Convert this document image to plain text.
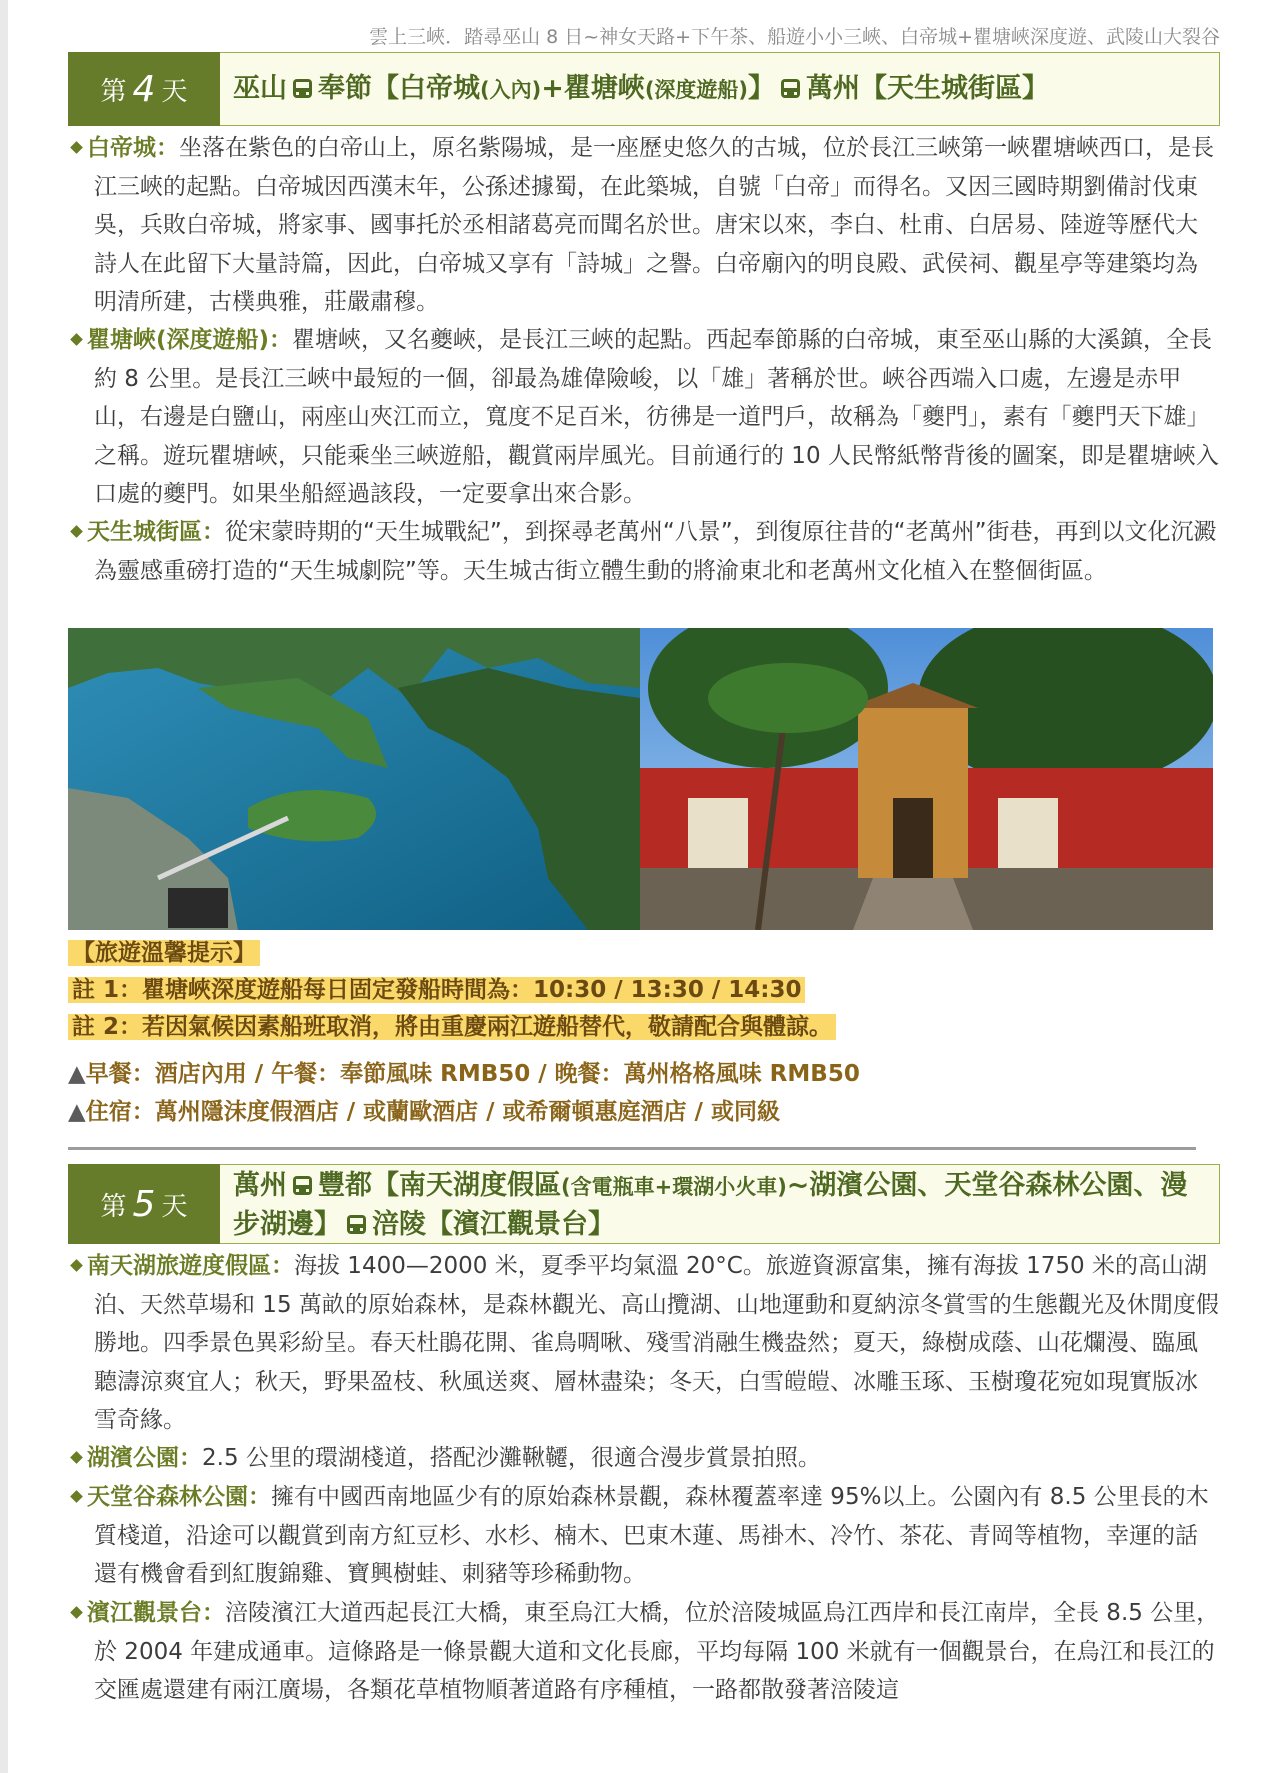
雲上三峽．踏尋巫山 8 日~神女天路+下午茶、船遊小小三峽、白帝城+瞿塘峽深度遊、武陵山大裂谷
第 4 天 巫山 奉節【白帝城(入內)+瞿塘峽(深度遊船)】 萬州【天生城街區】
白帝城：坐落在紫色的白帝山上，原名紫陽城，是一座歷史悠久的古城，位於長江三峽第一峽瞿塘峽西口，是長江三峽的起點。白帝城因西漢末年，公孫述據蜀，在此築城，自號「白帝」而得名。又因三國時期劉備討伐東吳，兵敗白帝城，將家事、國事托於丞相諸葛亮而聞名於世。唐宋以來，李白、杜甫、白居易、陸遊等歷代大詩人在此留下大量詩篇，因此，白帝城又享有「詩城」之譽。白帝廟內的明良殿、武侯祠、觀星亭等建築均為明清所建，古樸典雅，莊嚴肅穆。
瞿塘峽(深度遊船)：瞿塘峽，又名夔峽，是長江三峽的起點。西起奉節縣的白帝城，東至巫山縣的大溪鎮，全長約 8 公里。是長江三峽中最短的一個，卻最為雄偉險峻，以「雄」著稱於世。峽谷西端入口處，左邊是赤甲山，右邊是白鹽山，兩座山夾江而立，寬度不足百米，彷彿是一道門戶，故稱為「夔門」，素有「夔門天下雄」之稱。遊玩瞿塘峽，只能乘坐三峽遊船，觀賞兩岸風光。目前通行的 10 人民幣紙幣背後的圖案，即是瞿塘峽入口處的夔門。如果坐船經過該段，一定要拿出來合影。
天生城街區：從宋蒙時期的“天生城戰紀”，到探尋老萬州“八景”，到復原往昔的“老萬州”街巷，再到以文化沉澱為靈感重磅打造的“天生城劇院”等。天生城古街立體生動的將渝東北和老萬州文化植入在整個街區。
【旅遊溫馨提示】
註 1：瞿塘峽深度遊船每日固定發船時間為：10:30 / 13:30 / 14:30
註 2：若因氣候因素船班取消，將由重慶兩江遊船替代，敬請配合與體諒。
▲早餐：酒店內用 / 午餐：奉節風味 RMB50 / 晚餐：萬州格格風味 RMB50
▲住宿：萬州隱沫度假酒店 / 或蘭歐酒店 / 或希爾頓惠庭酒店 / 或同級
第 5 天
萬州 豐都【南天湖度假區(含電瓶車+環湖小火車)~湖濱公園、天堂谷森林公園、漫步湖邊】 涪陵【濱江觀景台】
南天湖旅遊度假區：海拔 1400—2000 米，夏季平均氣溫 20°C。旅遊資源富集，擁有海拔 1750 米的高山湖泊、天然草場和 15 萬畝的原始森林，是森林觀光、高山攬湖、山地運動和夏納涼冬賞雪的生態觀光及休閒度假勝地。四季景色異彩紛呈。春天杜鵑花開、雀鳥啁啾、殘雪消融生機盎然；夏天，綠樹成蔭、山花爛漫、臨風聽濤涼爽宜人；秋天，野果盈枝、秋風送爽、層林盡染；冬天，白雪皚皚、冰雕玉琢、玉樹瓊花宛如現實版冰雪奇緣。
湖濱公園：2.5 公里的環湖棧道，搭配沙灘鞦韆，很適合漫步賞景拍照。
天堂谷森林公園：擁有中國西南地區少有的原始森林景觀，森林覆蓋率達 95%以上。公園內有 8.5 公里長的木質棧道，沿途可以觀賞到南方紅豆杉、水杉、楠木、巴東木蓮、馬褂木、冷竹、茶花、青岡等植物，幸運的話還有機會看到紅腹錦雞、寶興樹蛙、刺豬等珍稀動物。
濱江觀景台：涪陵濱江大道西起長江大橋，東至烏江大橋，位於涪陵城區烏江西岸和長江南岸，全長 8.5 公里，於 2004 年建成通車。這條路是一條景觀大道和文化長廊，平均每隔 100 米就有一個觀景台，在烏江和長江的交匯處還建有兩江廣場，各類花草植物順著道路有序種植，一路都散發著涪陵這
